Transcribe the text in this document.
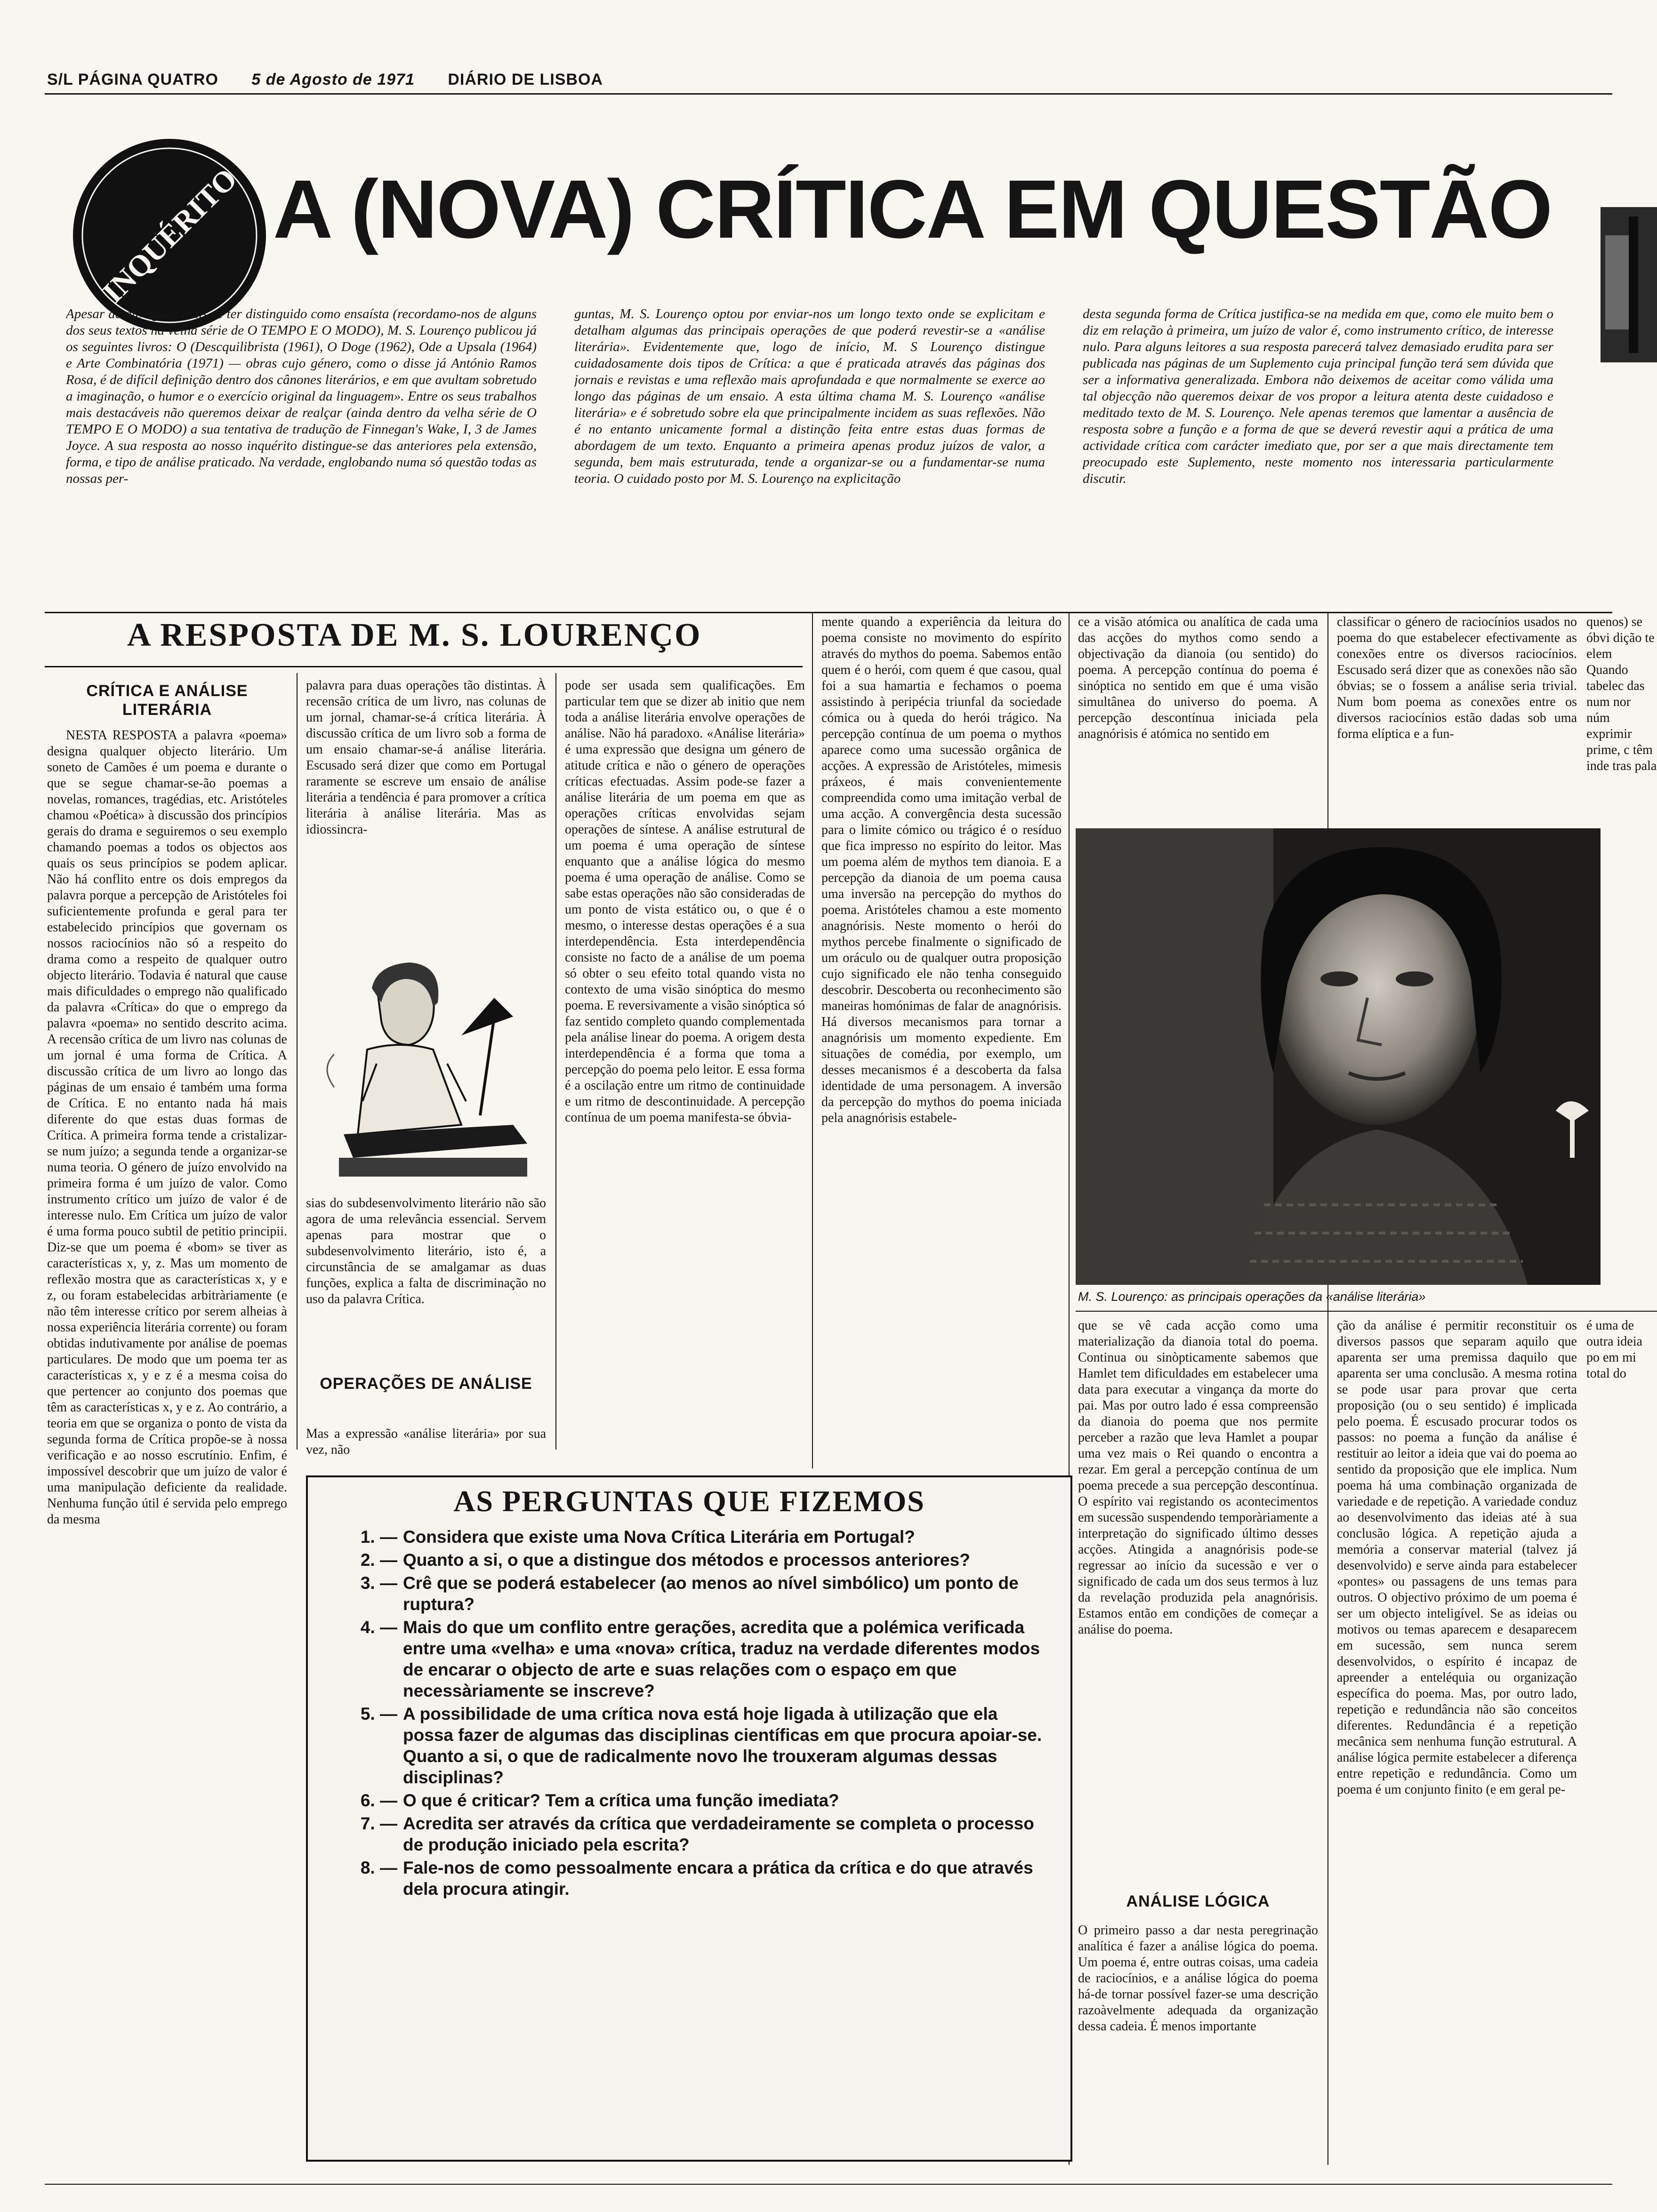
S/L PÁGINA QUATRO 5 de Agosto de 1971 DIÁRIO DE LISBOA
INQUÉRITO A (NOVA) CRÍTICA EM QUESTÃO
Apesar de até agora mais se ter distinguido como ensaísta (recordamo-nos de alguns dos seus textos na velha série de O TEMPO E O MODO), M. S. Lourenço publicou já os seguintes livros: O (Descquilibrista (1961), O Doge (1962), Ode a Upsala (1964) e Arte Combinatória (1971) — obras cujo género, como o disse já António Ramos Rosa, é de difícil definição dentro dos cânones literários, e em que avultam sobretudo a imaginação, o humor e o exercício original da linguagem». Entre os seus trabalhos mais destacáveis não queremos deixar de realçar (ainda dentro da velha série de O TEMPO E O MODO) a sua tentativa de tradução de Finnegan's Wake, I, 3 de James Joyce. A sua resposta ao nosso inquérito distingue-se das anteriores pela extensão, forma, e tipo de análise praticado. Na verdade, englobando numa só questão todas as nossas per-
guntas, M. S. Lourenço optou por enviar-nos um longo texto onde se explicitam e detalham algumas das principais operações de que poderá revestir-se a «análise literária». Evidentemente que, logo de início, M. S Lourenço distingue cuidadosamente dois tipos de Crítica: a que é praticada através das páginas dos jornais e revistas e uma reflexão mais aprofundada e que normalmente se exerce ao longo das páginas de um ensaio. A esta última chama M. S. Lourenço «análise literária» e é sobretudo sobre ela que principalmente incidem as suas reflexões. Não é no entanto unicamente formal a distinção feita entre estas duas formas de abordagem de um texto. Enquanto a primeira apenas produz juízos de valor, a segunda, bem mais estruturada, tende a organizar-se ou a fundamentar-se numa teoria. O cuidado posto por M. S. Lourenço na explicitação
desta segunda forma de Crítica justifica-se na medida em que, como ele muito bem o diz em relação à primeira, um juízo de valor é, como instrumento crítico, de interesse nulo. Para alguns leitores a sua resposta parecerá talvez demasiado erudita para ser publicada nas páginas de um Suplemento cuja principal função terá sem dúvida que ser a informativa generalizada. Embora não deixemos de aceitar como válida uma tal objecção não queremos deixar de vos propor a leitura atenta deste cuidadoso e meditado texto de M. S. Lourenço. Nele apenas teremos que lamentar a ausência de resposta sobre a função e a forma de que se deverá revestir aqui a prática de uma actividade crítica com carácter imediato que, por ser a que mais directamente tem preocupado este Suplemento, neste momento nos interessaria particularmente discutir.
A RESPOSTA DE M. S. LOURENÇO
CRÍTICA E ANÁLISE LITERÁRIA

NESTA RESPOSTA a palavra «poema» designa qualquer objecto literário. Um soneto de Camões é um poema e durante o que se segue chamar-se-ão poemas a novelas, romances, tragédias, etc. Aristóteles chamou «Poética» à discussão dos princípios gerais do drama e seguiremos o seu exemplo chamando poemas a todos os objectos aos quais os seus princípios se podem aplicar. Não há conflito entre os dois empregos da palavra porque a percepção de Aristóteles foi suficientemente profunda e geral para ter estabelecido princípios que governam os nossos raciocínios não só a respeito do drama como a respeito de qualquer outro objecto literário. Todavia é natural que cause mais dificuldades o emprego não qualificado da palavra «Crítica» do que o emprego da palavra «poema» no sentido descrito acima. A recensão crítica de um livro nas colunas de um jornal é uma forma de Crítica. A discussão crítica de um livro ao longo das páginas de um ensaio é também uma forma de Crítica. E no entanto nada há mais diferente do que estas duas formas de Crítica. A primeira forma tende a cristalizar-se num juízo; a segunda tende a organizar-se numa teoria. O género de juízo envolvido na primeira forma é um juízo de valor. Como instrumento crítico um juízo de valor é de interesse nulo. Em Crítica um juízo de valor é uma forma pouco subtil de petitio principii. Diz-se que um poema é «bom» se tiver as características x, y, z. Mas um momento de reflexão mostra que as características x, y e z, ou foram estabelecidas arbitràriamente (e não têm interesse crítico por serem alheias à nossa experiência literária corrente) ou foram obtidas indutivamente por análise de poemas particulares. De modo que um poema ter as características x, y e z é a mesma coisa do que pertencer ao conjunto dos poemas que têm as características x, y e z. Ao contrário, a teoria em que se organiza o ponto de vista da segunda forma de Crítica propõe-se à nossa verificação e ao nosso escrutínio. Enfim, é impossível descobrir que um juízo de valor é uma manipulação deficiente da realidade. Nenhuma função útil é servida pelo emprego da mesma

palavra para duas operações tão distintas. À recensão crítica de um livro, nas colunas de um jornal, chamar-se-á crítica literária. À discussão crítica de um livro sob a forma de um ensaio chamar-se-á análise literária. Escusado será dizer que como em Portugal raramente se escreve um ensaio de análise literária a tendência é para promover a crítica literária à análise literária. Mas as idiossincra-
sias do subdesenvolvimento literário não são agora de uma relevância essencial. Servem apenas para mostrar que o subdesenvolvimento literário, isto é, a circunstância de se amalgamar as duas funções, explica a falta de discriminação no uso da palavra Crítica.
OPERAÇÕES DE ANÁLISE
Mas a expressão «análise literária» por sua vez, não
pode ser usada sem qualificações. Em particular tem que se dizer ab initio que nem toda a análise literária envolve operações de análise. Não há paradoxo. «Análise literária» é uma expressão que designa um género de atitude crítica e não o género de operações críticas efectuadas. Assim pode-se fazer a análise literária de um poema em que as operações críticas envolvidas sejam operações de síntese. A análise estrutural de um poema é uma operação de síntese enquanto que a análise lógica do mesmo poema é uma operação de análise. Como se sabe estas operações não são consideradas de um ponto de vista estático ou, o que é o mesmo, o interesse destas operações é a sua interdependência. Esta interdependência consiste no facto de a análise de um poema só obter o seu efeito total quando vista no contexto de uma visão sinóptica do mesmo poema. E reversivamente a visão sinóptica só faz sentido completo quando complementada pela análise linear do poema. A origem desta interdependência é a forma que toma a percepção do poema pelo leitor. E essa forma é a oscilação entre um ritmo de continuidade e um ritmo de descontinuidade. A percepção contínua de um poema manifesta-se óbvia-
mente quando a experiência da leitura do poema consiste no movimento do espírito através do mythos do poema. Sabemos então quem é o herói, com quem é que casou, qual foi a sua hamartia e fechamos o poema assistindo à peripécia triunfal da sociedade cómica ou à queda do herói trágico. Na percepção contínua de um poema o mythos aparece como uma sucessão orgânica de acções. A expressão de Aristóteles, mimesis práxeos, é mais convenientemente compreendida como uma imitação verbal de uma acção. A convergência desta sucessão para o limite cómico ou trágico é o resíduo que fica impresso no espírito do leitor. Mas um poema além de mythos tem dianoia. E a percepção da dianoia de um poema causa uma inversão na percepção do mythos do poema. Aristóteles chamou a este momento anagnórisis. Neste momento o herói do mythos percebe finalmente o significado de um oráculo ou de qualquer outra proposição cujo significado ele não tenha conseguido descobrir. Descoberta ou reconhecimento são maneiras homónimas de falar de anagnórisis. Há diversos mecanismos para tornar a anagnórisis um momento expediente. Em situações de comédia, por exemplo, um desses mecanismos é a descoberta da falsa identidade de uma personagem. A inversão da percepção do mythos do poema iniciada pela anagnórisis estabele-
ce a visão atómica ou analítica de cada uma das acções do mythos como sendo a objectivação da dianoia (ou sentido) do poema. A percepção contínua do poema é sinóptica no sentido em que é uma visão simultânea do universo do poema. A percepção descontínua iniciada pela anagnórisis é atómica no sentido em
classificar o género de raciocínios usados no poema do que estabelecer efectivamente as conexões entre os diversos raciocínios. Escusado será dizer que as conexões não são óbvias; se o fossem a análise seria trivial. Num bom poema as conexões entre os diversos raciocínios estão dadas sob uma forma elíptica e a fun-
quenos) se óbvi dição te elem Quando tabelec das num nor núm exprimir prime, c têm inde tras pala
M. S. Lourenço: as principais operações da «análise literária»
que se vê cada acção como uma materialização da dianoia total do poema. Continua ou sinòpticamente sabemos que Hamlet tem dificuldades em estabelecer uma data para executar a vingança da morte do pai. Mas por outro lado é essa compreensão da dianoia do poema que nos permite perceber a razão que leva Hamlet a poupar uma vez mais o Rei quando o encontra a rezar. Em geral a percepção contínua de um poema precede a sua percepção descontínua. O espírito vai registando os acontecimentos em sucessão suspendendo temporàriamente a interpretação do significado último desses acções. Atingida a anagnórisis pode-se regressar ao início da sucessão e ver o significado de cada um dos seus termos à luz da revelação produzida pela anagnórisis. Estamos então em condições de começar a análise do poema.
ANÁLISE LÓGICA
O primeiro passo a dar nesta peregrinação analítica é fazer a análise lógica do poema. Um poema é, entre outras coisas, uma cadeia de raciocínios, e a análise lógica do poema há-de tornar possível fazer-se uma descrição razoàvelmente adequada da organização dessa cadeia. É menos importante
ção da análise é permitir reconstituir os diversos passos que separam aquilo que aparenta ser uma premissa daquilo que aparenta ser uma conclusão. A mesma rotina se pode usar para provar que certa proposição (ou o seu sentido) é implicada pelo poema. É escusado procurar todos os passos: no poema a função da análise é restituir ao leitor a ideia que vai do poema ao sentido da proposição que ele implica. Num poema há uma combinação organizada de variedade e de repetição. A variedade conduz ao desenvolvimento das ideias até à sua conclusão lógica. A repetição ajuda a memória a conservar material (talvez já desenvolvido) e serve ainda para estabelecer «pontes» ou passagens de uns temas para outros. O objectivo próximo de um poema é ser um objecto inteligível. Se as ideias ou motivos ou temas aparecem e desaparecem em sucessão, sem nunca serem desenvolvidos, o espírito é incapaz de apreender a enteléquia ou organização específica do poema. Mas, por outro lado, repetição e redundância não são conceitos diferentes. Redundância é a repetição mecânica sem nenhuma função estrutural. A análise lógica permite estabelecer a diferença entre repetição e redundância. Como um poema é um conjunto finito (e em geral pe-
é uma de outra ideia po em mi total do
AS PERGUNTAS QUE FIZEMOS
1. — Considera que existe uma Nova Crítica Literária em Portugal?
2. — Quanto a si, o que a distingue dos métodos e processos anteriores?
3. — Crê que se poderá estabelecer (ao menos ao nível simbólico) um ponto de ruptura?
4. — Mais do que um conflito entre gerações, acredita que a polémica verificada entre uma «velha» e uma «nova» crítica, traduz na verdade diferentes modos de encarar o objecto de arte e suas relações com o espaço em que necessàriamente se inscreve?
5. — A possibilidade de uma crítica nova está hoje ligada à utilização que ela possa fazer de algumas das disciplinas científicas em que procura apoiar-se. Quanto a si, o que de radicalmente novo lhe trouxeram algumas dessas disciplinas?
6. — O que é criticar? Tem a crítica uma função imediata?
7. — Acredita ser através da crítica que verdadeiramente se completa o processo de produção iniciado pela escrita?
8. — Fale-nos de como pessoalmente encara a prática da crítica e do que através dela procura atingir.
